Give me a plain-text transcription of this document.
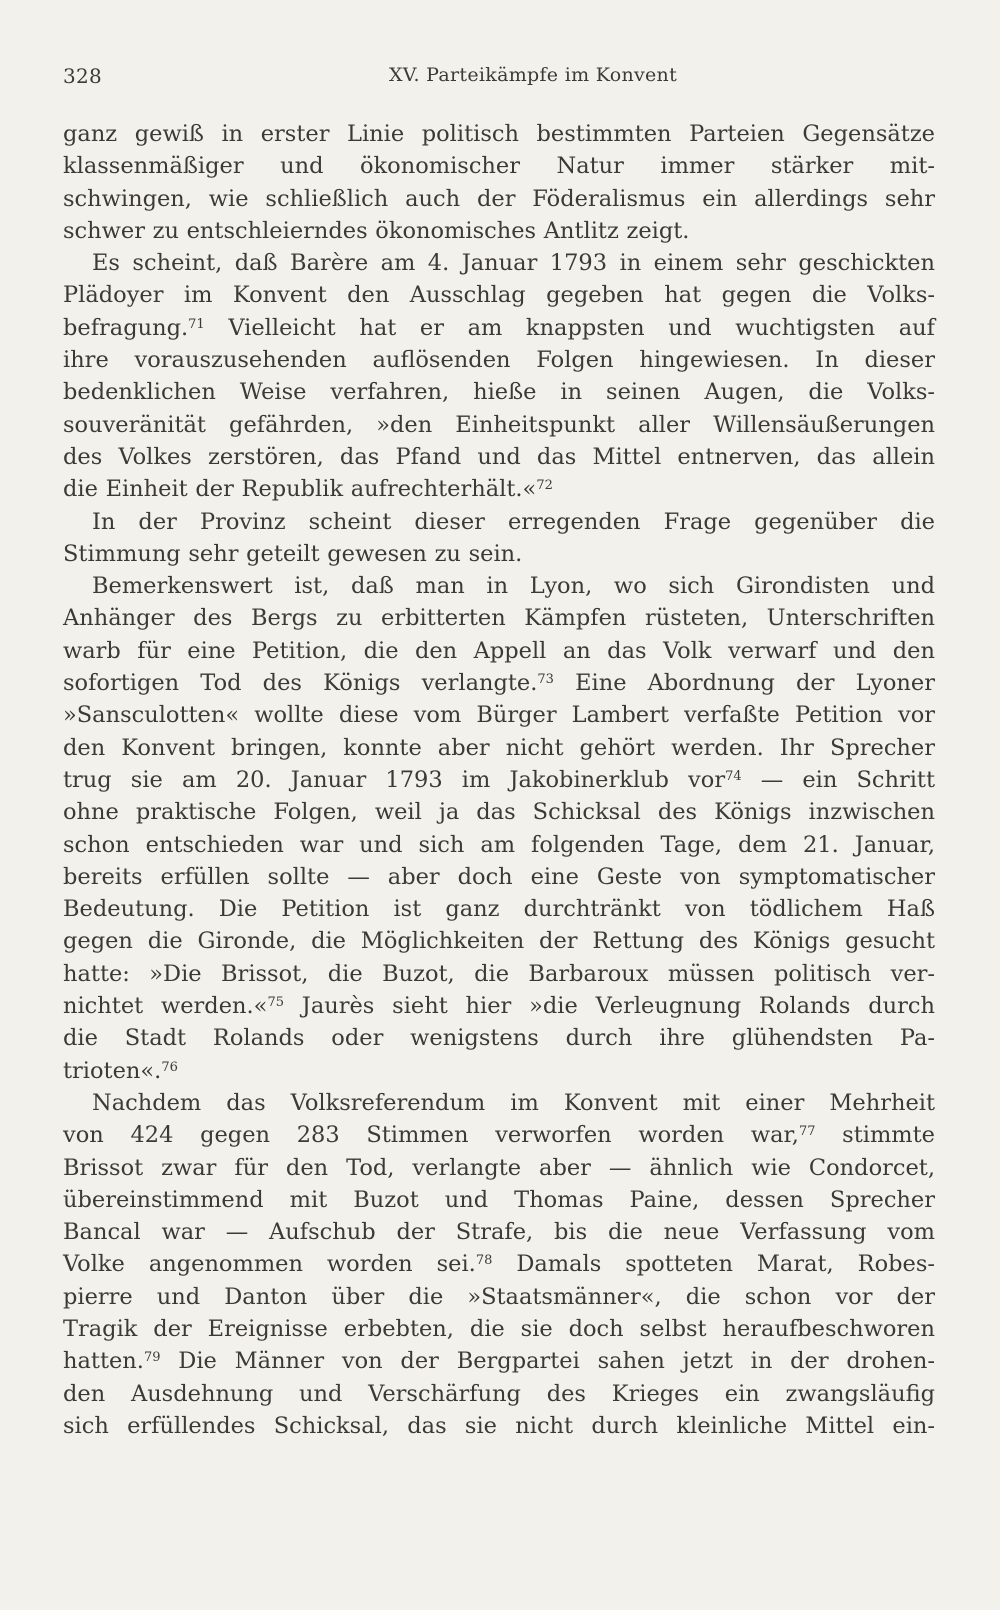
328	XV. Parteikämpfe im Konvent
ganz gewiß in erster Linie politisch bestimmten Parteien Gegensätze
klassenmäßiger und ökonomischer Natur immer stärker mit-
schwingen, wie schließlich auch der Föderalismus ein allerdings sehr
schwer zu entschleierndes ökonomisches Antlitz zeigt.
Es scheint, daß Barère am 4. Januar 1793 in einem sehr geschickten
Plädoyer im Konvent den Ausschlag gegeben hat gegen die Volks-
befragung.$^{71}$ Vielleicht hat er am knappsten und wuchtigsten auf
ihre vorauszusehenden auflösenden Folgen hingewiesen. In dieser
bedenklichen Weise verfahren, hieße in seinen Augen, die Volks-
souveränität gefährden, »den Einheitspunkt aller Willensäußerungen
des Volkes zerstören, das Pfand und das Mittel entnerven, das allein
die Einheit der Republik aufrechterhält.«$^{72}$
In der Provinz scheint dieser erregenden Frage gegenüber die
Stimmung sehr geteilt gewesen zu sein.
Bemerkenswert ist, daß man in Lyon, wo sich Girondisten und
Anhänger des Bergs zu erbitterten Kämpfen rüsteten, Unterschriften
warb für eine Petition, die den Appell an das Volk verwarf und den
sofortigen Tod des Königs verlangte.$^{73}$ Eine Abordnung der Lyoner
»Sansculotten« wollte diese vom Bürger Lambert verfaßte Petition vor
den Konvent bringen, konnte aber nicht gehört werden. Ihr Sprecher
trug sie am 20. Januar 1793 im Jakobinerklub vor$^{74}$ — ein Schritt
ohne praktische Folgen, weil ja das Schicksal des Königs inzwischen
schon entschieden war und sich am folgenden Tage, dem 21. Januar,
bereits erfüllen sollte — aber doch eine Geste von symptomatischer
Bedeutung. Die Petition ist ganz durchtränkt von tödlichem Haß
gegen die Gironde, die Möglichkeiten der Rettung des Königs gesucht
hatte: »Die Brissot, die Buzot, die Barbaroux müssen politisch ver-
nichtet werden.«$^{75}$ Jaurès sieht hier »die Verleugnung Rolands durch
die Stadt Rolands oder wenigstens durch ihre glühendsten Pa-
trioten«.$^{76}$
Nachdem das Volksreferendum im Konvent mit einer Mehrheit
von 424 gegen 283 Stimmen verworfen worden war,$^{77}$ stimmte
Brissot zwar für den Tod, verlangte aber — ähnlich wie Condorcet,
übereinstimmend mit Buzot und Thomas Paine, dessen Sprecher
Bancal war — Aufschub der Strafe, bis die neue Verfassung vom
Volke angenommen worden sei.$^{78}$ Damals spotteten Marat, Robes-
pierre und Danton über die »Staatsmänner«, die schon vor der
Tragik der Ereignisse erbebten, die sie doch selbst heraufbeschworen
hatten.$^{79}$ Die Männer von der Bergpartei sahen jetzt in der drohen-
den Ausdehnung und Verschärfung des Krieges ein zwangsläufig
sich erfüllendes Schicksal, das sie nicht durch kleinliche Mittel ein-
